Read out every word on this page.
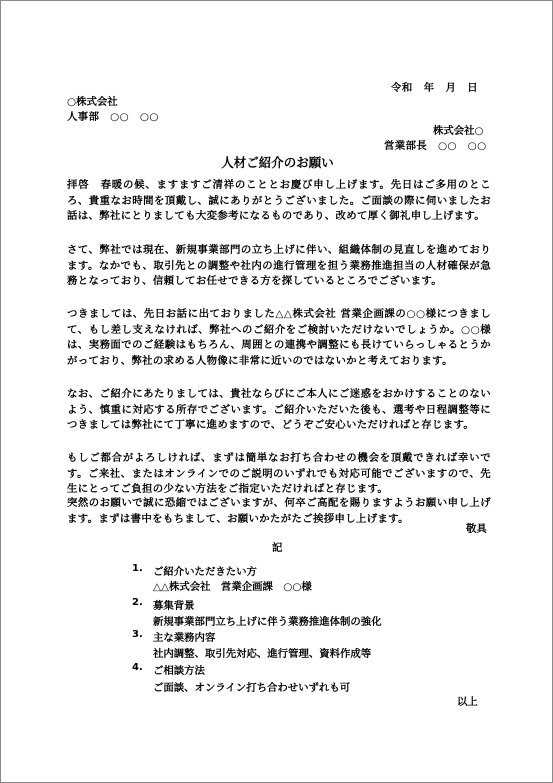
令和　年　月　日
○株式会社
人事部　○○　○○
株式会社○
営業部長　○○　○○
人材ご紹介のお願い

拝啓　春暖の候、ますますご清祥のこととお慶び申し上げます。先日はご多用のところ、貴重なお時間を頂戴し、誠にありがとうございました。ご面談の際に伺いましたお話は、弊社にとりましても大変参考になるものであり、改めて厚く御礼申し上げます。

さて、弊社では現在、新規事業部門の立ち上げに伴い、組織体制の見直しを進めております。なかでも、取引先との調整や社内の進行管理を担う業務推進担当の人材確保が急務となっており、信頼してお任せできる方を探しているところでございます。

つきましては、先日お話に出ておりました△△株式会社 営業企画課の○○様につきまして、もし差し支えなければ、弊社へのご紹介をご検討いただけないでしょうか。○○様は、実務面でのご経験はもちろん、周囲との連携や調整にも長けていらっしゃるとうかがっており、弊社の求める人物像に非常に近いのではないかと考えております。

なお、ご紹介にあたりましては、貴社ならびにご本人にご迷惑をおかけすることのないよう、慎重に対応する所存でございます。ご紹介いただいた後も、選考や日程調整等につきましては弊社にて丁寧に進めますので、どうぞご安心いただければと存じます。

もしご都合がよろしければ、まずは簡単なお打ち合わせの機会を頂戴できれば幸いです。ご来社、またはオンラインでのご説明のいずれでも対応可能でございますので、先生にとってご負担の少ない方法をご指定いただければと存じます。

突然のお願いで誠に恐縮ではございますが、何卒ご高配を賜りますようお願い申し上げます。まずは書中をもちまして、お願いかたがたご挨拶申し上げます。

敬具
記
1. ご紹介いただきたい方
△△株式会社　営業企画課　○○様
2. 募集背景
新規事業部門立ち上げに伴う業務推進体制の強化
3. 主な業務内容
社内調整、取引先対応、進行管理、資料作成等
4. ご相談方法
ご面談、オンライン打ち合わせいずれも可
以上
